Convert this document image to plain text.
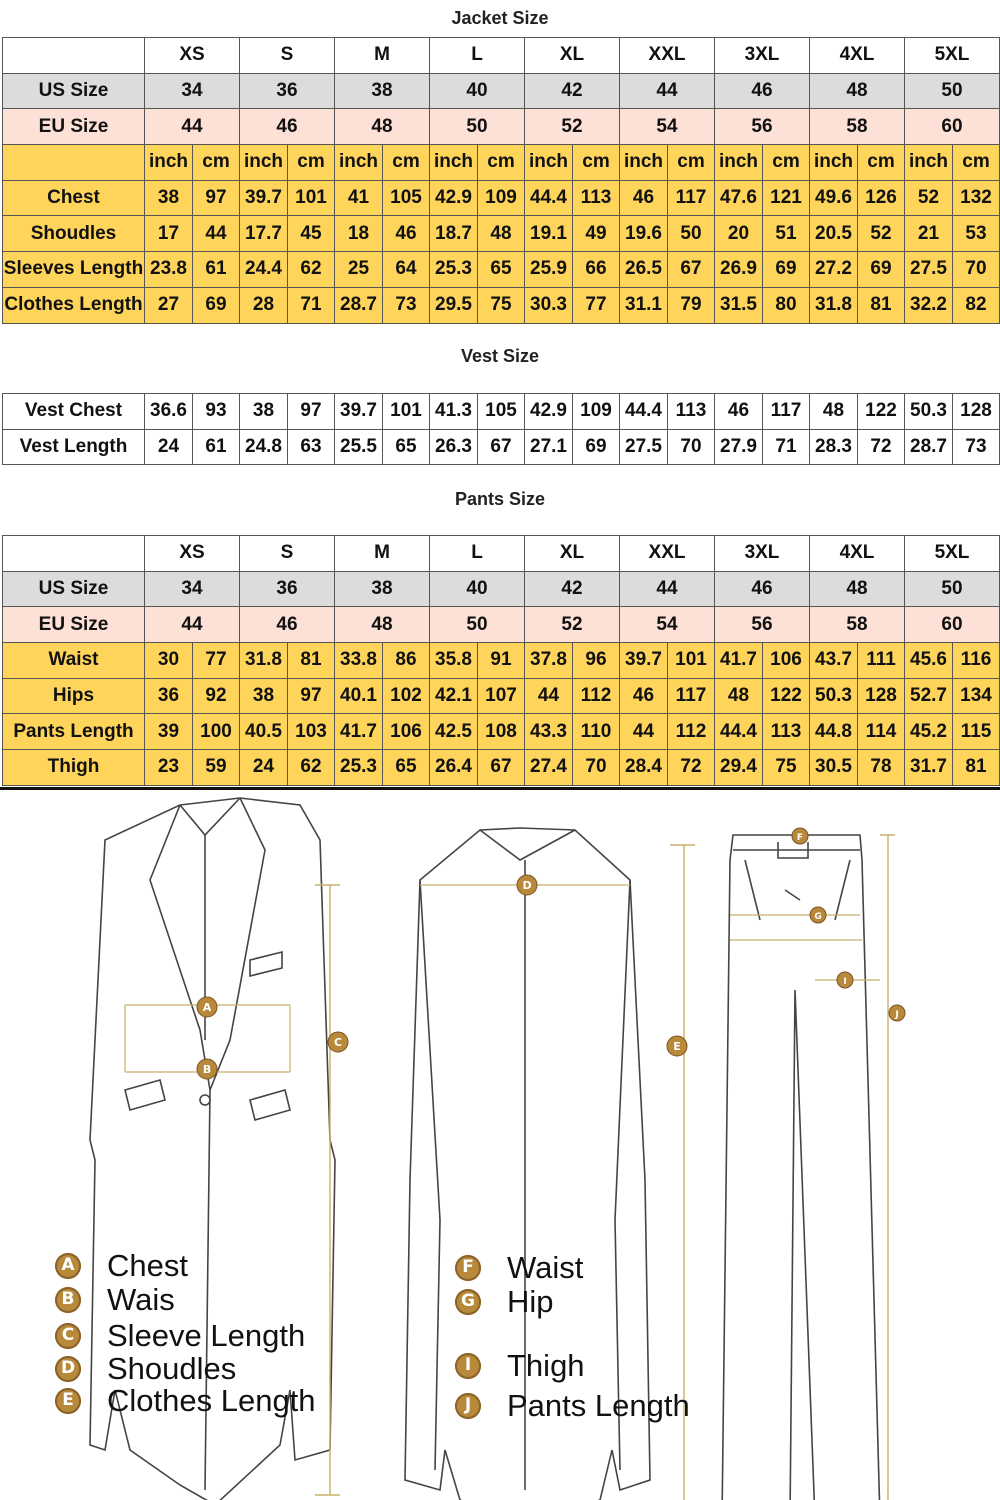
Jacket Size
	XS		S		M		L		XL		XXL		3XL		4XL		5XL	
US Size	34		36		38		40		42		44		46		48		50	
EU Size	44		46		48		50		52		54		56		58		60	
	inch	cm	inch	cm	inch	cm	inch	cm	inch	cm	inch	cm	inch	cm	inch	cm	inch	cm
Chest	38	97	39.7	101	41	105	42.9	109	44.4	113	46	117	47.6	121	49.6	126	52	132
Shoudles	17	44	17.7	45	18	46	18.7	48	19.1	49	19.6	50	20	51	20.5	52	21	53
Sleeves Length	23.8	61	24.4	62	25	64	25.3	65	25.9	66	26.5	67	26.9	69	27.2	69	27.5	70
Clothes Length	27	69	28	71	28.7	73	29.5	75	30.3	77	31.1	79	31.5	80	31.8	81	32.2	82
Vest Size
Vest Chest	36.6	93	38	97	39.7	101	41.3	105	42.9	109	44.4	113	46	117	48	122	50.3	128
Vest Length	24	61	24.8	63	25.5	65	26.3	67	27.1	69	27.5	70	27.9	71	28.3	72	28.7	73
Pants Size
	XS		S		M		L		XL		XXL		3XL		4XL		5XL	
US Size	34		36		38		40		42		44		46		48		50	
EU Size	44		46		48		50		52		54		56		58		60	
Waist	30	77	31.8	81	33.8	86	35.8	91	37.8	96	39.7	101	41.7	106	43.7	111	45.6	116
Hips	36	92	38	97	40.1	102	42.1	107	44	112	46	117	48	122	50.3	128	52.7	134
Pants Length	39	100	40.5	103	41.7	106	42.5	108	43.3	110	44	112	44.4	113	44.8	114	45.2	115
Thigh	23	59	24	62	25.3	65	26.4	67	27.4	70	28.4	72	29.4	75	30.5	78	31.7	81
A
B
C
D
E
F
G
I
J
A Chest
B Wais
C Sleeve Length
D Shoudles
E Clothes Length
F Waist
G Hip
I	Thigh
J	Pants Length
